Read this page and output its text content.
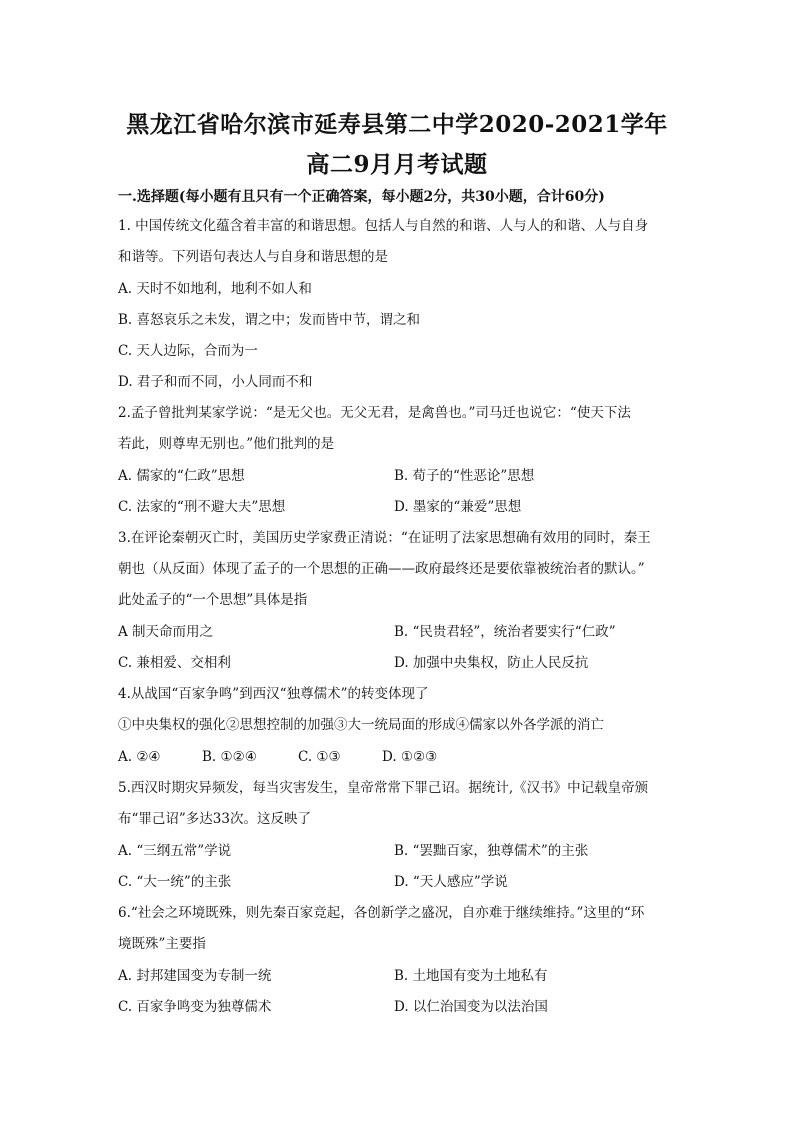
黑龙江省哈尔滨市延寿县第二中学2020-2021学年
高二9月月考试题
一.选择题(每小题有且只有一个正确答案，每小题2分，共30小题，合计60分)
1. 中国传统文化蕴含着丰富的和谐思想。包括人与自然的和谐、人与人的和谐、人与自身
和谐等。下列语句表达人与自身和谐思想的是
A. 天时不如地利，地利不如人和
B. 喜怒哀乐之未发，谓之中；发而皆中节，谓之和
C. 天人边际，合而为一
D. 君子和而不同，小人同而不和
2.孟子曾批判某家学说：“是无父也。无父无君，是禽兽也。”司马迁也说它：“使天下法
若此，则尊卑无别也。”他们批判的是
A. 儒家的“仁政”思想	B. 荀子的“性恶论”思想
C. 法家的“刑不避大夫”思想	D. 墨家的“兼爱”思想
3.在评论秦朝灭亡时，美国历史学家费正清说：“在证明了法家思想确有效用的同时，秦王
朝也（从反面）体现了孟子的一个思想的正确——政府最终还是要依靠被统治者的默认。”
此处孟子的“一个思想”具体是指
A 制天命而用之	B. “民贵君轻”，统治者要实行“仁政”
C. 兼相爱、交相利	D. 加强中央集权，防止人民反抗
4.从战国“百家争鸣”到西汉“独尊儒术”的转变体现了
①中央集权的强化②思想控制的加强③大一统局面的形成④儒家以外各学派的消亡
A. ②④	B. ①②④	C. ①③	D. ①②③
5.西汉时期灾异频发，每当灾害发生，皇帝常常下罪己诏。据统计,《汉书》中记载皇帝颁
布“罪己诏”多达33次。这反映了
A. “三纲五常”学说	B. “罢黜百家，独尊儒术”的主张
C. “大一统”的主张	D. “天人感应”学说
6.“社会之环境既殊，则先秦百家竞起，各创新学之盛况，自亦难于继续维持。”这里的“环
境既殊”主要指
A. 封邦建国变为专制一统	B. 土地国有变为土地私有
C. 百家争鸣变为独尊儒术	D. 以仁治国变为以法治国
